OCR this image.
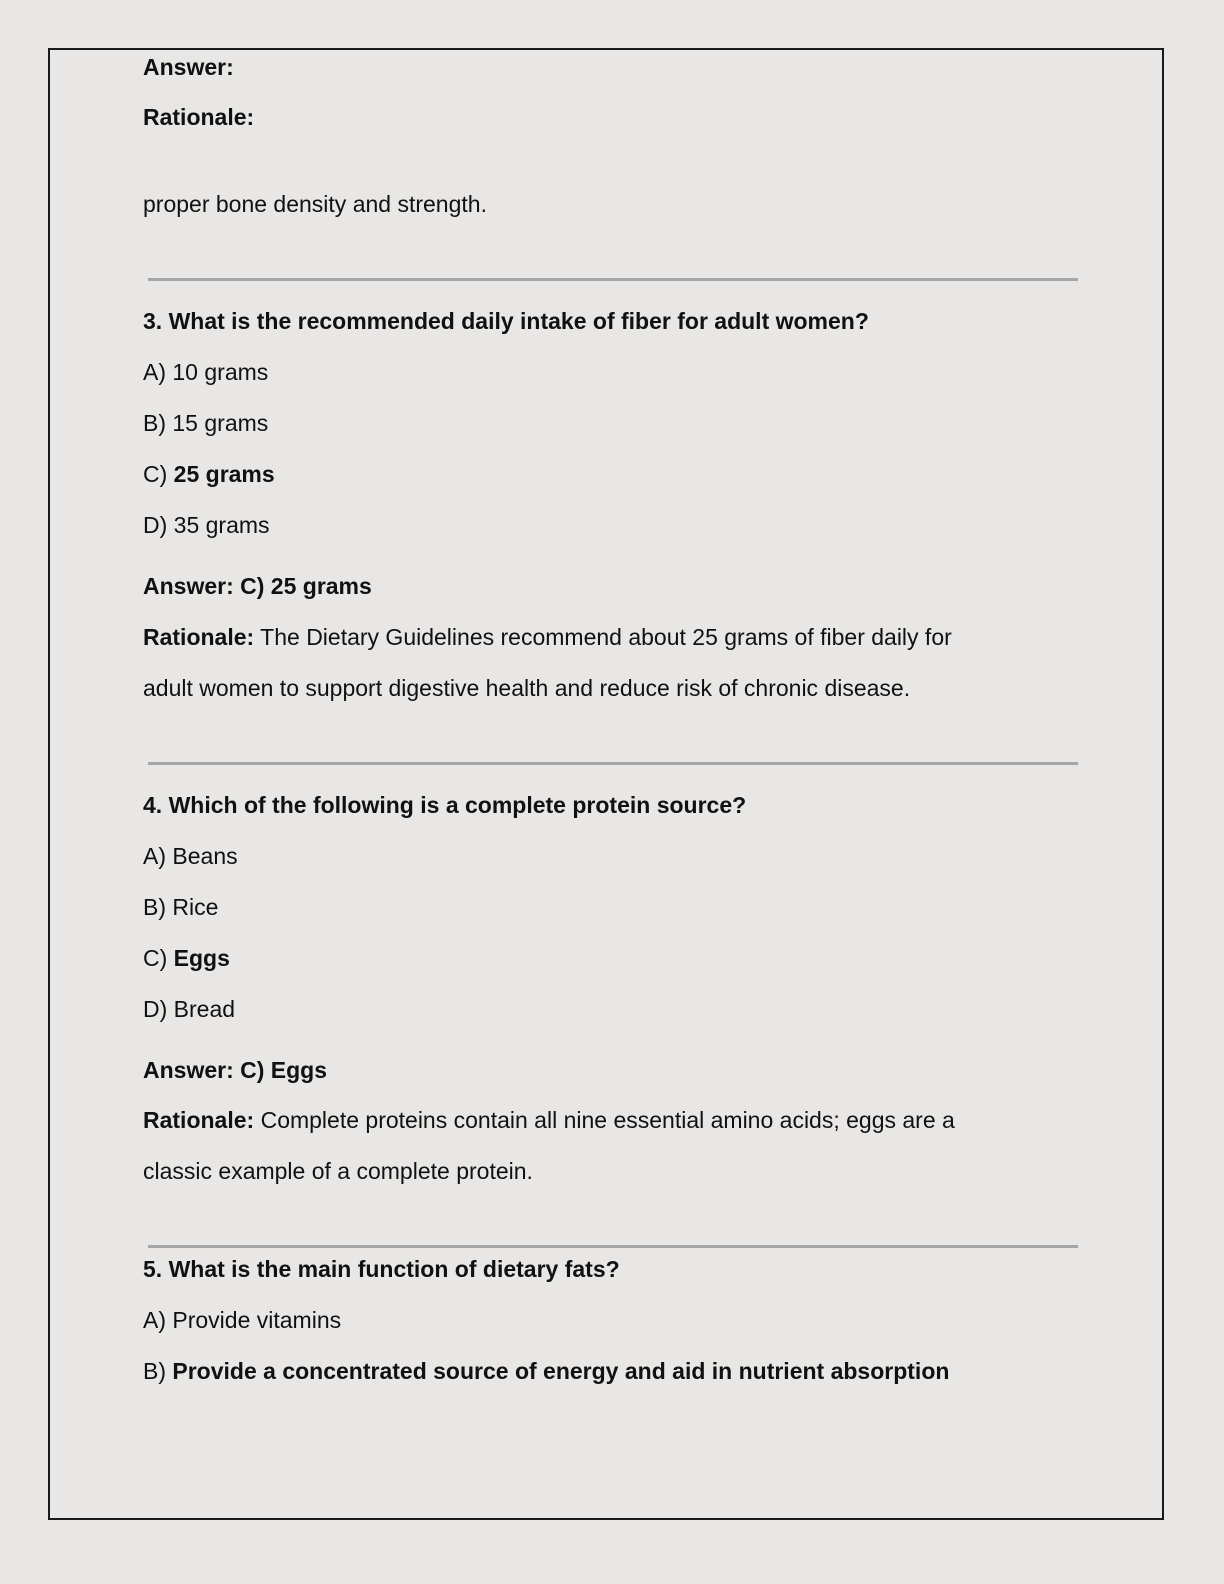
Answer:
Rationale:
proper bone density and strength.
3. What is the recommended daily intake of fiber for adult women?
A) 10 grams
B) 15 grams
C) 25 grams
D) 35 grams
Answer: C) 25 grams
Rationale: The Dietary Guidelines recommend about 25 grams of fiber daily for
adult women to support digestive health and reduce risk of chronic disease.
4. Which of the following is a complete protein source?
A) Beans
B) Rice
C) Eggs
D) Bread
Answer: C) Eggs
Rationale: Complete proteins contain all nine essential amino acids; eggs are a
classic example of a complete protein.
5. What is the main function of dietary fats?
A) Provide vitamins
B) Provide a concentrated source of energy and aid in nutrient absorption
